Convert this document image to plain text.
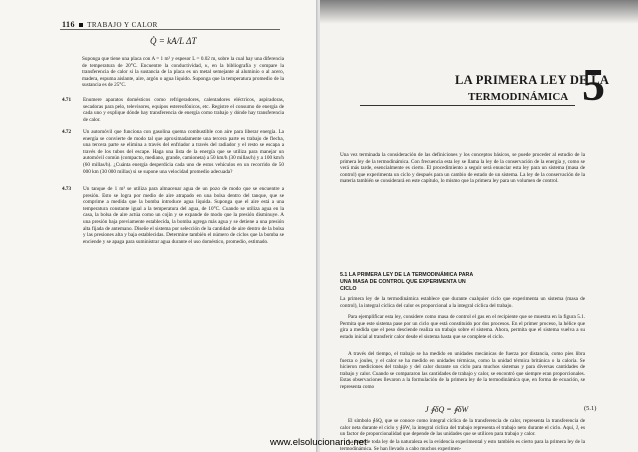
116 TRABAJO Y CALOR
Q̇ = kA/L ΔT
Suponga que tiene una placa con A = 1 m² y espesor L = 0.02 m, sobre la cual hay una diferencia de temperatura de 20°C. Encuentre la conductividad, κ, en la bibliografía y compare la transferencia de calor si la sustancia de la placa es un metal semejante al aluminio o al acero, madera, espuma aislante, aire, argón o agua líquido. Suponga que la temperatura promedio de la sustancia es de 25°C.
4.71	Enumere aparatos domésticos como refrigeradores, calentadores eléctricos, aspiradoras, secadoras para pelo, televisores, equipos estereofónicos, etc. Registre el consumo de energía de cada uno y explique dónde hay transferencia de energía como trabajo y dónde hay transferencia de calor.
4.72	Un automóvil que funciona con gasolina quema combustible con aire para liberar energía. La energía se convierte de modo tal que aproximadamente una tercera parte es trabajo de flecha, una tercera parte se elimina a través del enfriador a través del radiador y el resto se escapa a través de los tubos del escape. Haga una lista de la energía que se utiliza para manejar un automóvil común (compacto, mediano, grande, camioneta) a 50 km/h (30 millas/h) y a 100 km/h (60 millas/h). ¿Cuánta energía desperdicia cada uno de estos vehículos en un recorrido de 50 000 km (30 000 millas) si se supone una velocidad promedio adecuada?
4.73	Un tanque de 1 m³ se utiliza para almacenar agua de un pozo de modo que se encuentre a presión. Esto se logra por medio de aire atrapado en una bolsa dentro del tanque, que se comprime a medida que la bomba introduce agua líquida. Suponga que el aire está a una temperatura constante igual a la temperatura del agua, de 10°C. Cuando se utiliza agua en la casa, la bolsa de aire actúa como un cojín y se expande de modo que la presión disminuye. A una presión baja previamente establecida, la bomba agrega más agua y se detiene a una presión alta fijada de antemano. Diseñe el sistema por selección de la cantidad de aire dentro de la bolsa y las presiones alta y baja establecidas. Determine también el número de ciclos que la bomba se enciende y se apaga para suministrar agua durante el uso doméstico, promedio, estimado.
LA PRIMERA LEY DE LA
TERMODINÁMICA 5
Una vez terminada la consideración de las definiciones y los conceptos básicos, se puede proceder al estudio de la primera ley de la termodinámica. Con frecuencia esta ley se llama la ley de la conservación de la energía y, como se verá más tarde, esencialmente es cierto. El procedimiento a seguir será enunciar esta ley para un sistema (masa de control) que experimenta un ciclo y después para un cambio de estado de un sistema. La ley de la conservación de la materia también se considerará en este capítulo, lo mismo que la primera ley para un volumen de control.
5.1 LA PRIMERA LEY DE LA TERMODINÁMICA PARA UNA MASA DE CONTROL QUE EXPERIMENTA UN CICLO
La primera ley de la termodinámica establece que durante cualquier ciclo que experimenta un sistema (masa de control), la integral cíclica del calor es proporcional a la integral cíclica del trabajo.
Para ejemplificar esta ley, considere como masa de control el gas en el recipiente que se muestra en la figura 5.1. Permita que este sistema pase por un ciclo que está constituido por dos procesos. En el primer proceso, la hélice que gira a medida que el peso desciende realiza un trabajo sobre el sistema. Ahora, permita que el sistema vuelva a su estado inicial al transferir calor desde el sistema hasta que se complete el ciclo.
A través del tiempo, el trabajo se ha medido en unidades mecánicas de fuerza por distancia, como pies libra fuerza o joules, y el calor se ha medido en unidades térmicas, como la unidad térmica británica o la caloría. Se hicieron mediciones del trabajo y del calor durante un ciclo para muchos sistemas y para diversas cantidades de trabajo y calor. Cuando se compararon las cantidades de trabajo y calor, se encontró que siempre eran proporcionales. Estas observaciones llevaron a la formulación de la primera ley de la termodinámica que, en forma de ecuación, se representa como
J ∮δQ = ∮δW	(5.1)
El símbolo ∮δQ, que se conoce como integral cíclica de la transferencia de calor, representa la transferencia de calor neta durante el ciclo y ∮δW, la integral cíclica del trabajo representa el trabajo neto durante el ciclo. Aquí, J, es un factor de proporcionalidad que depende de las unidades que se utilicen para trabajo y calor.
La base de toda ley de la naturaleza es la evidencia experimental y esto también es cierto para la primera ley de la termodinámica. Se han llevado a cabo muchos experimen-
www.elsolucionario.net
